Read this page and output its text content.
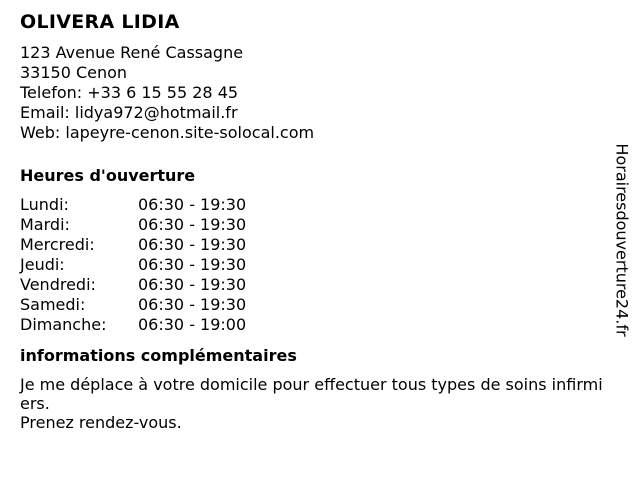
OLIVERA LIDIA
123 Avenue René Cassagne
33150 Cenon
Telefon: +33 6 15 55 28 45
Email: lidya972@hotmail.fr
Web: lapeyre-cenon.site-solocal.com
Heures d'ouverture
Lundi:	06:30 - 19:30
Mardi:	06:30 - 19:30
Mercredi:	06:30 - 19:30
Jeudi:	06:30 - 19:30
Vendredi:	06:30 - 19:30
Samedi:	06:30 - 19:30
Dimanche:	06:30 - 19:00
informations complémentaires
Je me déplace à votre domicile pour effectuer tous types de soins infirmiers.
Prenez rendez-vous.
Horairesdouverture24.fr
